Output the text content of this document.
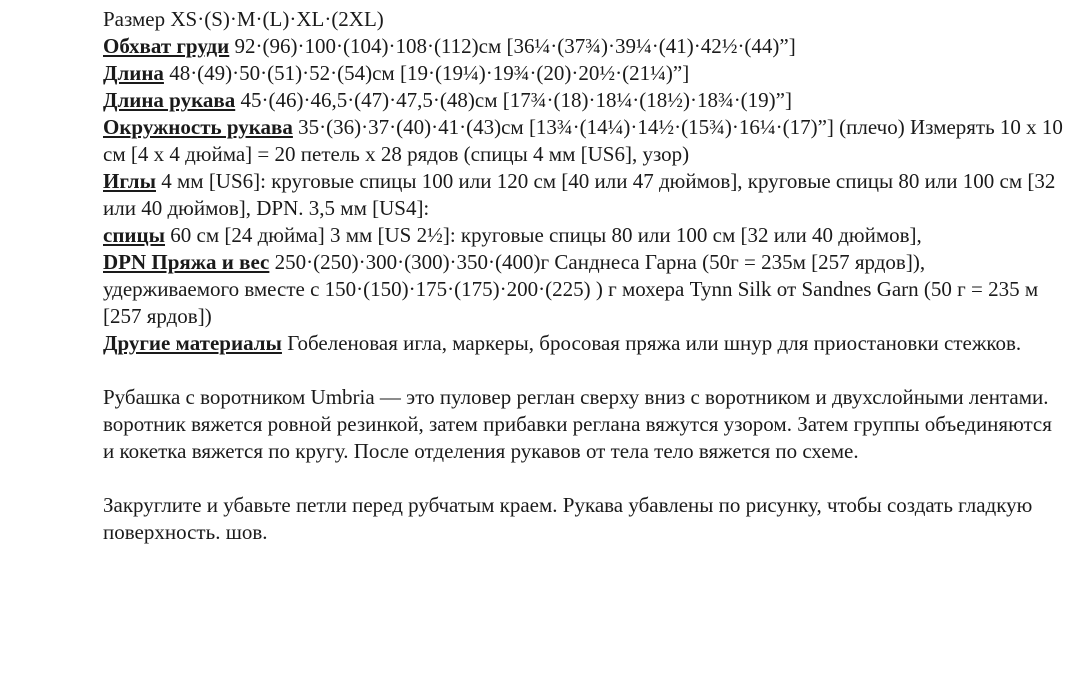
Размер XS·(S)·M·(L)·XL·(2XL)

Обхват груди 92·(96)·100·(104)·108·(112)см [36¼·(37¾)·39¼·(41)·42½·(44)”]

Длина 48·(49)·50·(51)·52·(54)см [19·(19¼)·19¾·(20)·20½·(21¼)”]

Длина рукава 45·(46)·46,5·(47)·47,5·(48)см [17¾·(18)·18¼·(18½)·18¾·(19)”]

Окружность рукава 35·(36)·37·(40)·41·(43)см [13¾·(14¼)·14½·(15¾)·16¼·(17)”] (плечо) Измерять 10 x 10 см [4 x 4 дюйма] = 20 петель x 28 рядов (спицы 4 мм [US6], узор)

Иглы 4 мм [US6]: круговые спицы 100 или 120 см [40 или 47 дюймов], круговые спицы 80 или 100 см [32 или 40 дюймов], DPN. 3,5 мм [US4]:

спицы 60 см [24 дюйма] 3 мм [US 2½]: круговые спицы 80 или 100 см [32 или 40 дюймов],

DPN Пряжа и вес 250·(250)·300·(300)·350·(400)г Санднеса Гарна (50г = 235м [257 ярдов]), удерживаемого вместе с 150·(150)·175·(175)·200·(225) ) г мохера Tynn Silk от Sandnes Garn (50 г = 235 м [257 ярдов])

Другие материалы Гобеленовая игла, маркеры, бросовая пряжа или шнур для приостановки стежков.

Рубашка с воротником Umbria — это пуловер реглан сверху вниз с воротником и двухслойными лентами. воротник вяжется ровной резинкой, затем прибавки реглана вяжутся узором. Затем группы объединяются и кокетка вяжется по кругу. После отделения рукавов от тела тело вяжется по схеме.

Закруглите и убавьте петли перед рубчатым краем. Рукава убавлены по рисунку, чтобы создать гладкую поверхность. шов.
